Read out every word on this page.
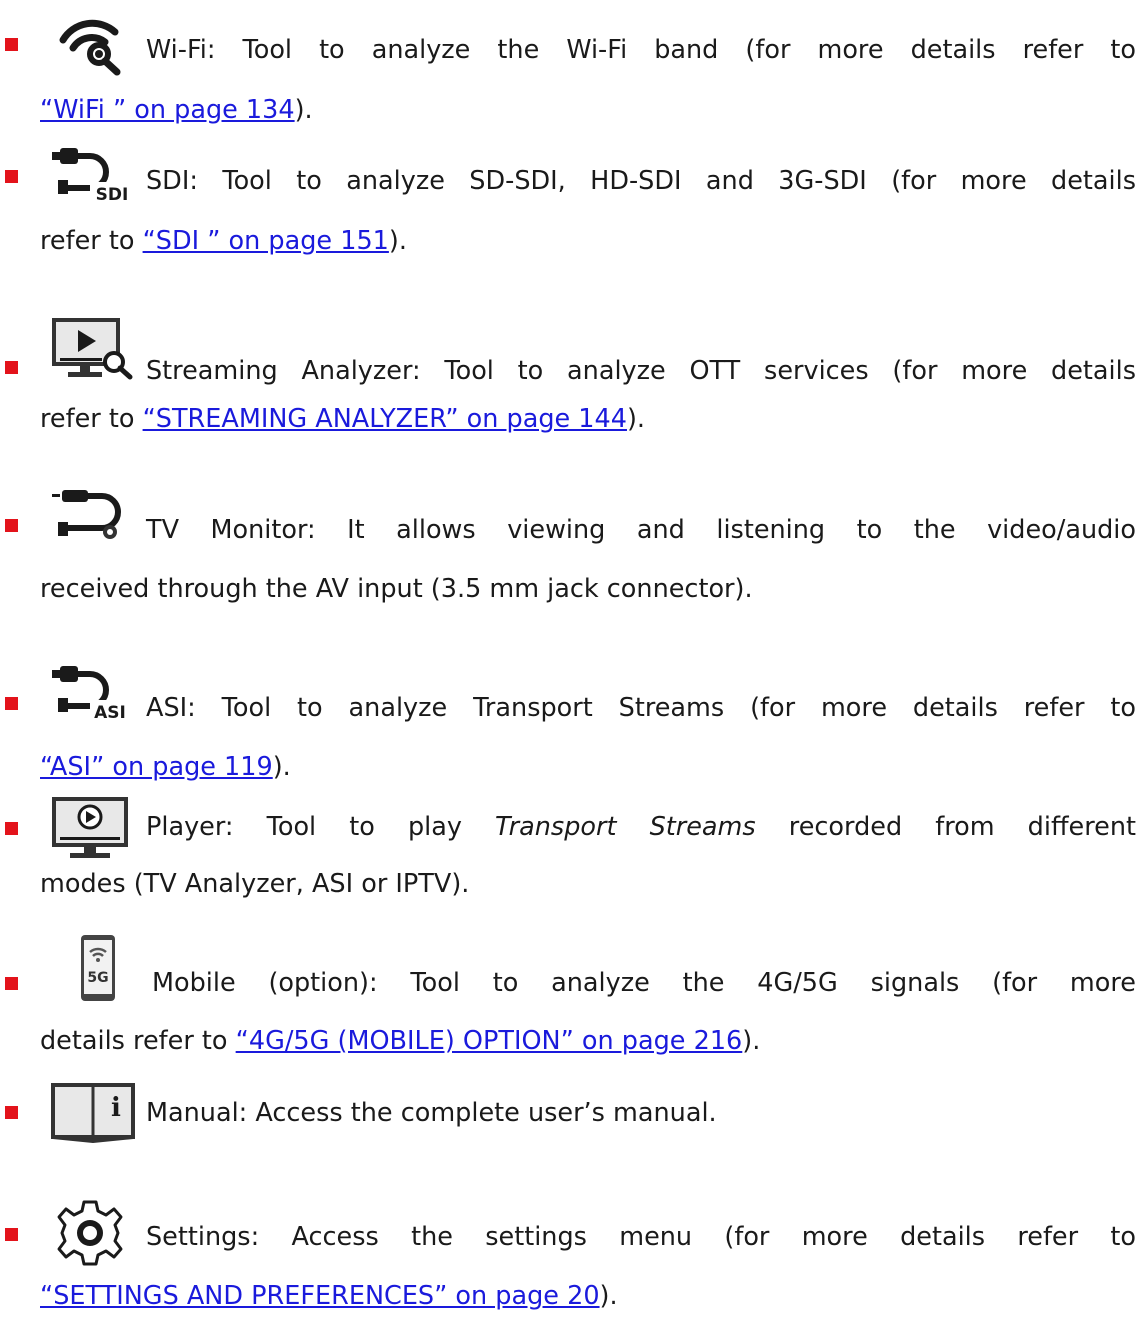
Wi-Fi: Tool to analyze the Wi-Fi band (for more details refer to
“WiFi ” on page 134).
SDI SDI: Tool to analyze SD-SDI, HD-SDI and 3G-SDI (for more details
refer to “SDI ” on page 151).
Streaming Analyzer: Tool to analyze OTT services (for more details
refer to “STREAMING ANALYZER” on page 144).
TV Monitor: It allows viewing and listening to the video/audio
received through the AV input (3.5 mm jack connector).
ASI ASI: Tool to analyze Transport Streams (for more details refer to
“ASI” on page 119).
Player: Tool to play Transport Streams recorded from different
modes (TV Analyzer, ASI or IPTV).
5G Mobile (option): Tool to analyze the 4G/5G signals (for more
details refer to “4G/5G (MOBILE) OPTION” on page 216).
i Manual: Access the complete user’s manual.
Settings: Access the settings menu (for more details refer to
“SETTINGS AND PREFERENCES” on page 20).
